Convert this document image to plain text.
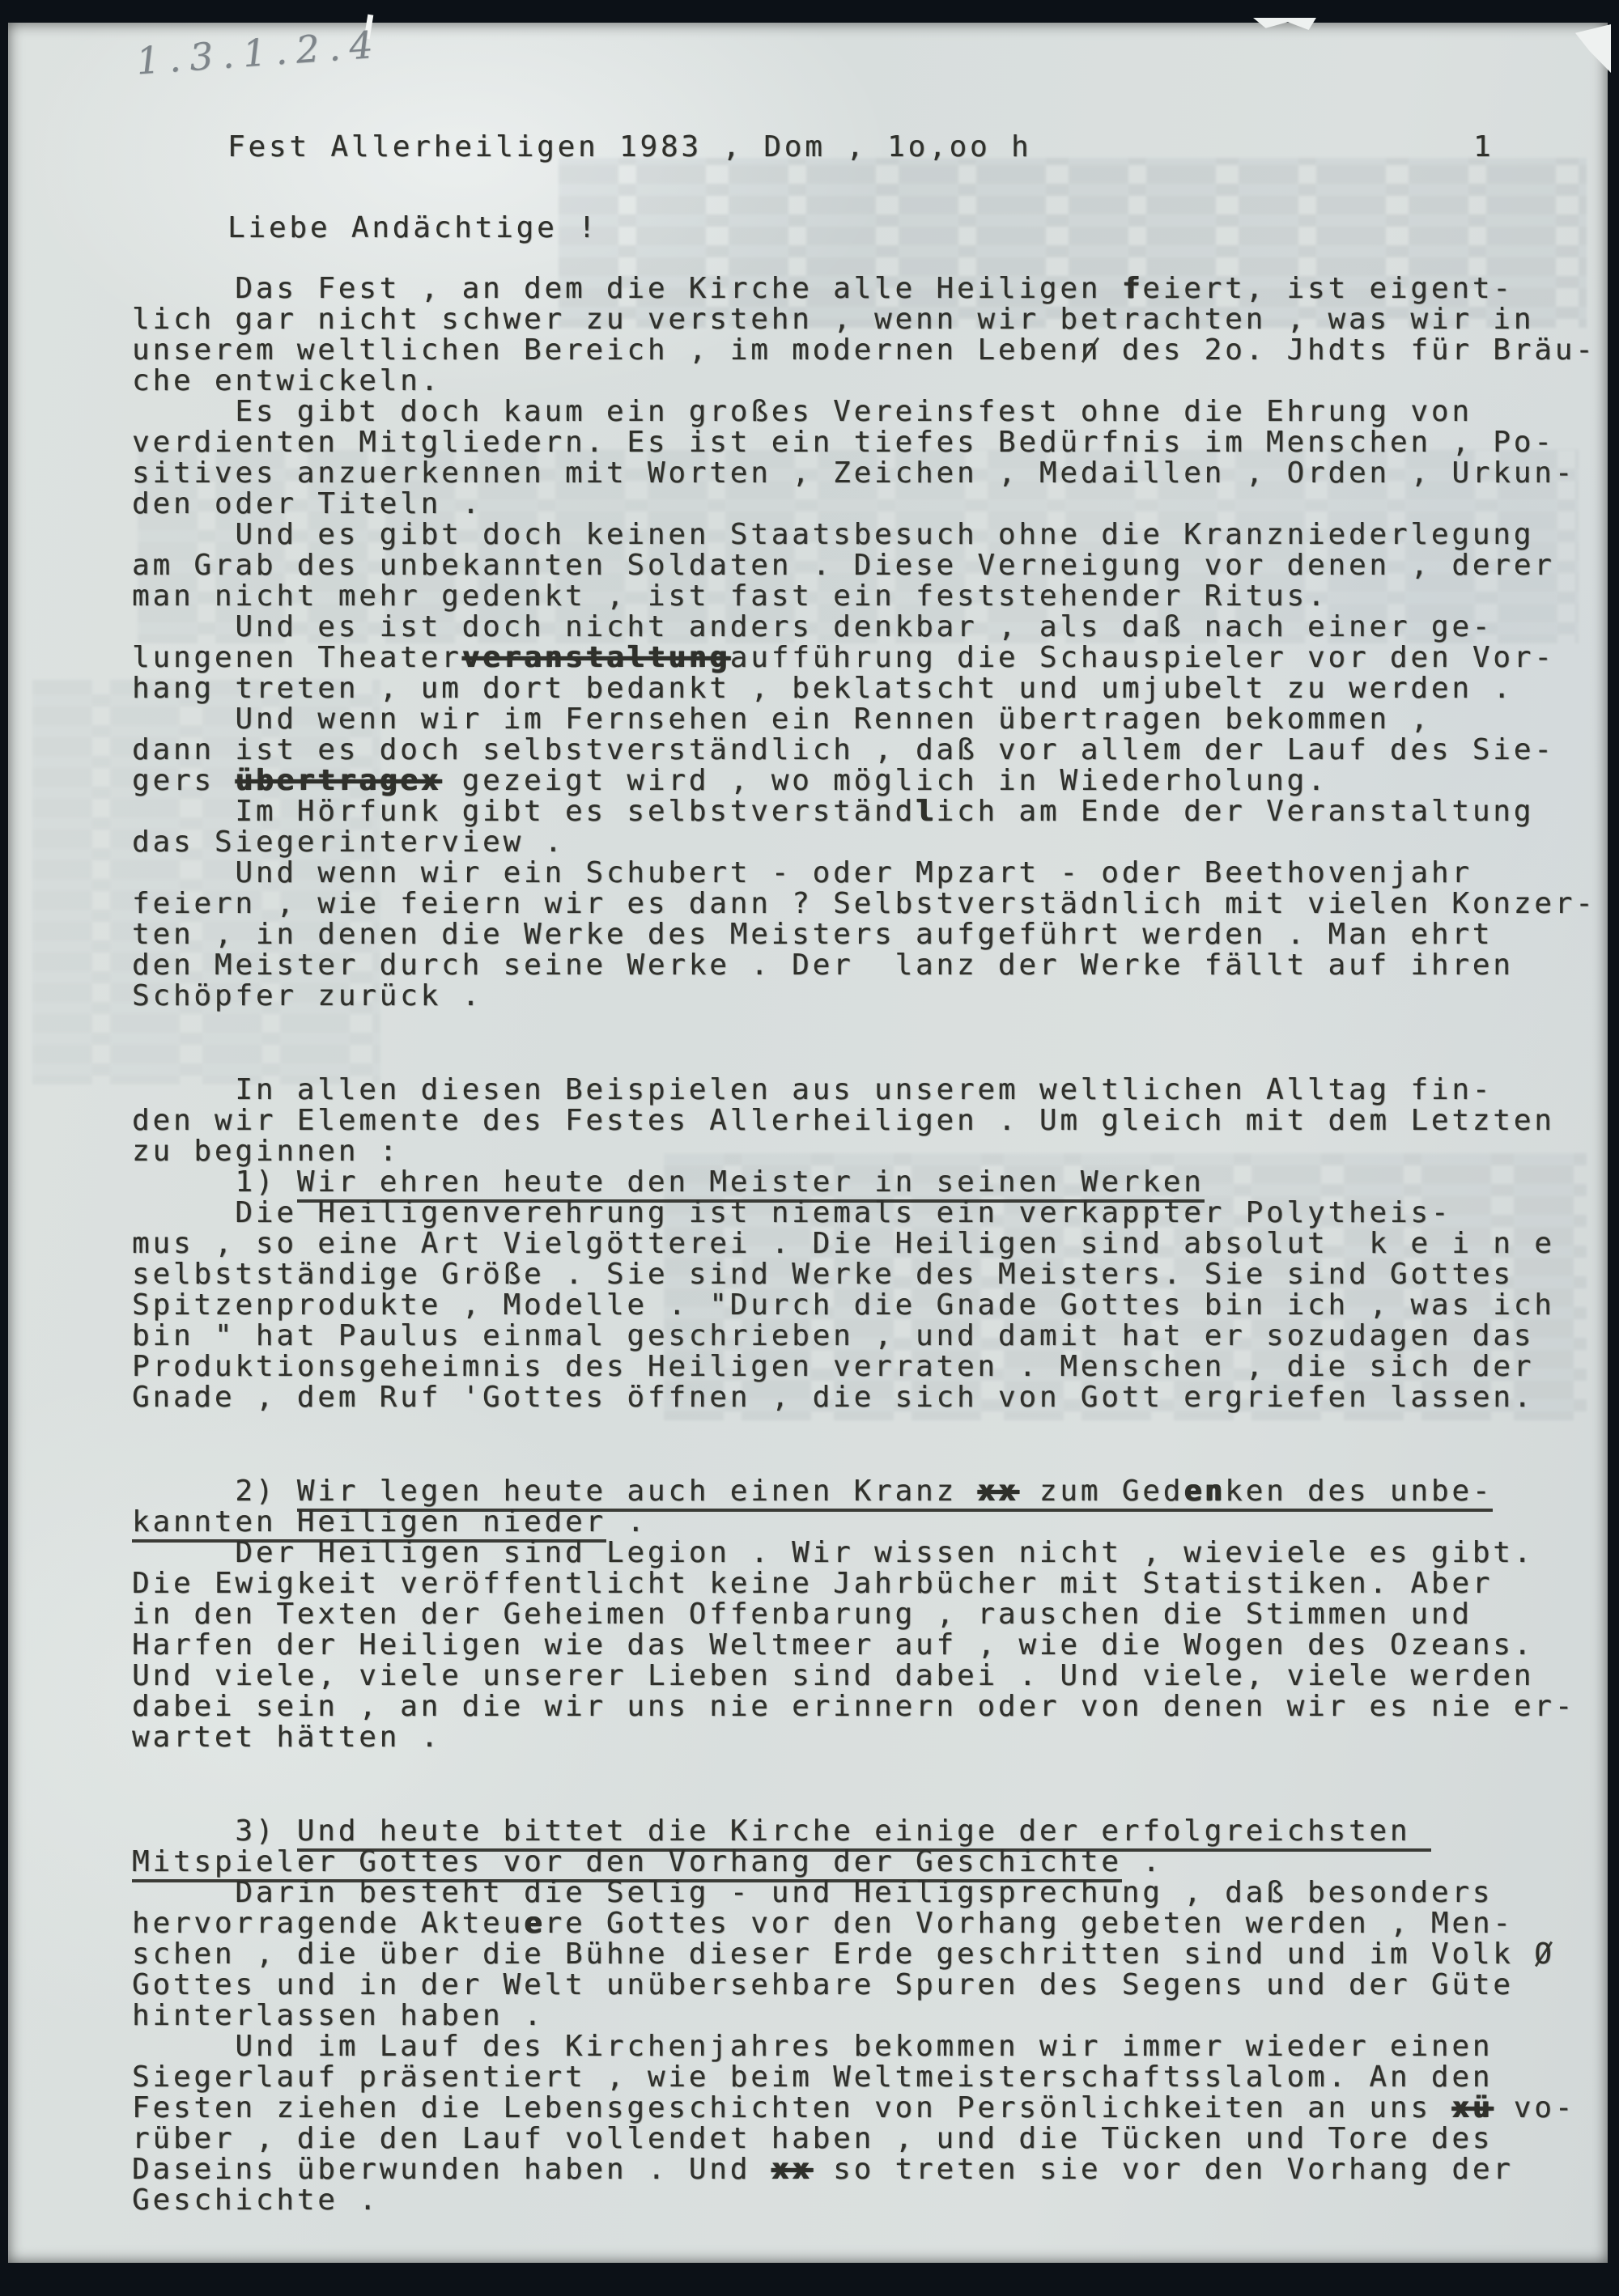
1.3.1.2.4
Fest Allerheiligen 1983 , Dom , 1o,oo h	1
Liebe Andächtige !
Das Fest , an dem die Kirche alle Heiligen feiert, ist eigent-
lich gar nicht schwer zu verstehn , wenn wir betrachten , was wir in
unserem weltlichen Bereich , im modernen Lebenn des 2o. Jhdts für Bräu-
che entwickeln.
Es gibt doch kaum ein großes Vereinsfest ohne die Ehrung von
verdienten Mitgliedern. Es ist ein tiefes Bedürfnis im Menschen , Po-
sitives anzuerkennen mit Worten , Zeichen , Medaillen , Orden , Urkun-
den oder Titeln .
Und es gibt doch keinen Staatsbesuch ohne die Kranzniederlegung
am Grab des unbekannten Soldaten . Diese Verneigung vor denen , derer
man nicht mehr gedenkt , ist fast ein feststehender Ritus.
Und es ist doch nicht anders denkbar , als daß nach einer ge-
lungenen Theaterveranstaltungaufführung die Schauspieler vor den Vor-
hang treten , um dort bedankt , beklatscht und umjubelt zu werden .
Und wenn wir im Fernsehen ein Rennen übertragen bekommen ,
dann ist es doch selbstverständlich , daß vor allem der Lauf des Sie-
gers übertragex gezeigt wird , wo möglich in Wiederholung.
Im Hörfunk gibt es selbstverständlich am Ende der Veranstaltung
das Siegerinterview .
Und wenn wir ein Schubert - oder Mpzart - oder Beethovenjahr
feiern , wie feiern wir es dann ? Selbstverstädnlich mit vielen Konzer-
ten , in denen die Werke des Meisters aufgeführt werden . Man ehrt
den Meister durch seine Werke . Der  lanz der Werke fällt auf ihren
Schöpfer zurück .
In allen diesen Beispielen aus unserem weltlichen Alltag fin-
den wir Elemente des Festes Allerheiligen . Um gleich mit dem Letzten
zu beginnen :
1) Wir ehren heute den Meister in seinen Werken
Die Heiligenverehrung ist niemals ein verkappter Polytheis-
mus , so eine Art Vielgötterei . Die Heiligen sind absolut  k e i n e
selbstständige Größe . Sie sind Werke des Meisters. Sie sind Gottes
Spitzenprodukte , Modelle . "Durch die Gnade Gottes bin ich , was ich
bin " hat Paulus einmal geschrieben , und damit hat er sozudagen das
Produktionsgeheimnis des Heiligen verraten . Menschen , die sich der
Gnade , dem Ruf 'Gottes öffnen , die sich von Gott ergriefen lassen.
2) Wir legen heute auch einen Kranz xx zum Gedenken des unbe-
kannten Heiligen nieder .
Der Heiligen sind Legion . Wir wissen nicht , wieviele es gibt.
Die Ewigkeit veröffentlicht keine Jahrbücher mit Statistiken. Aber
in den Texten der Geheimen Offenbarung , rauschen die Stimmen und
Harfen der Heiligen wie das Weltmeer auf , wie die Wogen des Ozeans.
Und viele, viele unserer Lieben sind dabei . Und viele, viele werden
dabei sein , an die wir uns nie erinnern oder von denen wir es nie er-
wartet hätten .
3) Und heute bittet die Kirche einige der erfolgreichsten
Mitspieler Gottes vor den Vorhang der Geschichte .
Darin besteht die Selig - und Heiligsprechung , daß besonders
hervorragende Akteuere Gottes vor den Vorhang gebeten werden , Men-
schen , die über die Bühne dieser Erde geschritten sind und im Volk O
Gottes und in der Welt unübersehbare Spuren des Segens und der Güte
hinterlassen haben .
Und im Lauf des Kirchenjahres bekommen wir immer wieder einen
Siegerlauf präsentiert , wie beim Weltmeisterschaftsslalom. An den
Festen ziehen die Lebensgeschichten von Persönlichkeiten an uns xü vo-
rüber , die den Lauf vollendet haben , und die Tücken und Tore des
Daseins überwunden haben . Und xx so treten sie vor den Vorhang der
Geschichte .
